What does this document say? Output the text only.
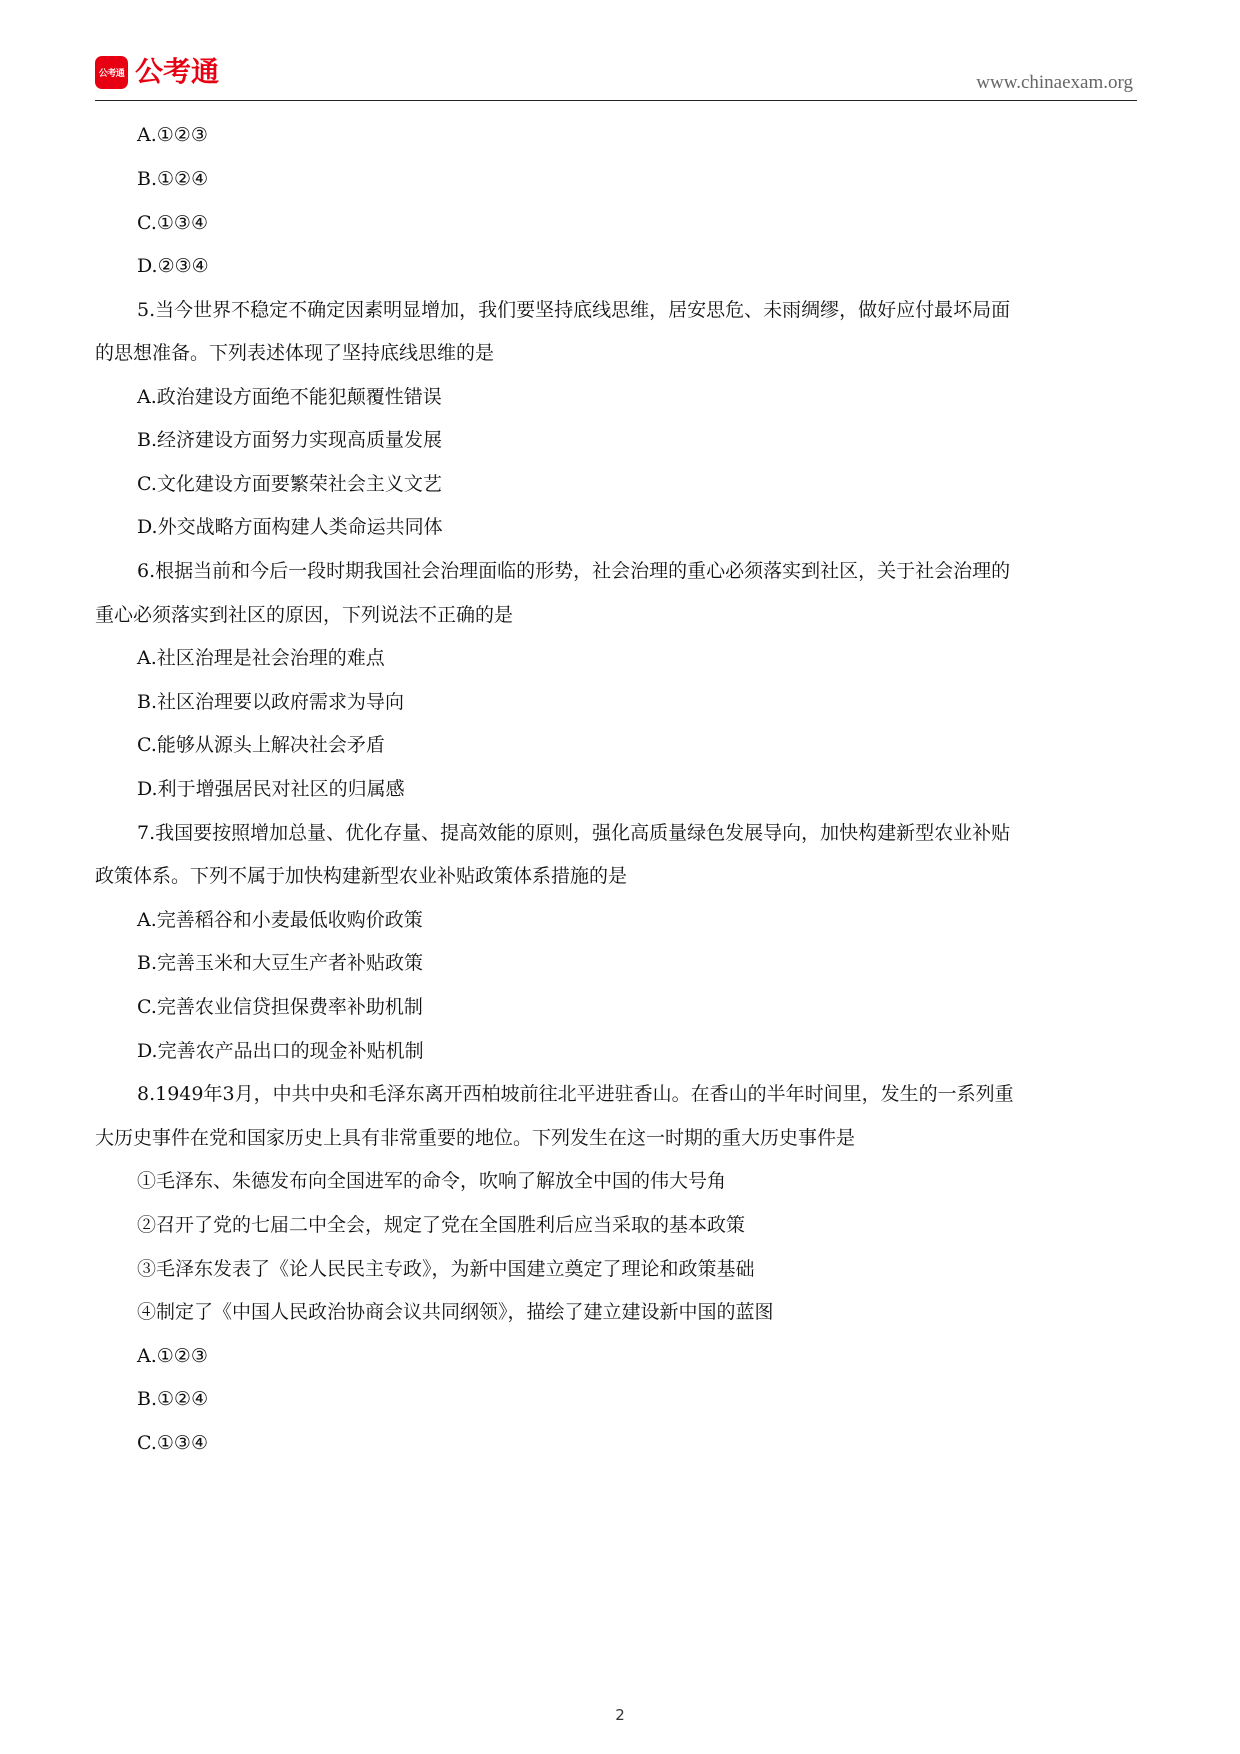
公考通 公考通	www.chinaexam.org
A.①②③
B.①②④
C.①③④
D.②③④
5.当今世界不稳定不确定因素明显增加，我们要坚持底线思维，居安思危、未雨绸缪，做好应付最坏局面
的思想准备。下列表述体现了坚持底线思维的是
A.政治建设方面绝不能犯颠覆性错误
B.经济建设方面努力实现高质量发展
C.文化建设方面要繁荣社会主义文艺
D.外交战略方面构建人类命运共同体
6.根据当前和今后一段时期我国社会治理面临的形势，社会治理的重心必须落实到社区，关于社会治理的
重心必须落实到社区的原因，下列说法不正确的是
A.社区治理是社会治理的难点
B.社区治理要以政府需求为导向
C.能够从源头上解决社会矛盾
D.利于增强居民对社区的归属感
7.我国要按照增加总量、优化存量、提高效能的原则，强化高质量绿色发展导向，加快构建新型农业补贴
政策体系。下列不属于加快构建新型农业补贴政策体系措施的是
A.完善稻谷和小麦最低收购价政策
B.完善玉米和大豆生产者补贴政策
C.完善农业信贷担保费率补助机制
D.完善农产品出口的现金补贴机制
8.1949年3月，中共中央和毛泽东离开西柏坡前往北平进驻香山。在香山的半年时间里，发生的一系列重
大历史事件在党和国家历史上具有非常重要的地位。下列发生在这一时期的重大历史事件是
①毛泽东、朱德发布向全国进军的命令，吹响了解放全中国的伟大号角
②召开了党的七届二中全会，规定了党在全国胜利后应当采取的基本政策
③毛泽东发表了《论人民民主专政》，为新中国建立奠定了理论和政策基础
④制定了《中国人民政治协商会议共同纲领》，描绘了建立建设新中国的蓝图
A.①②③
B.①②④
C.①③④
2
